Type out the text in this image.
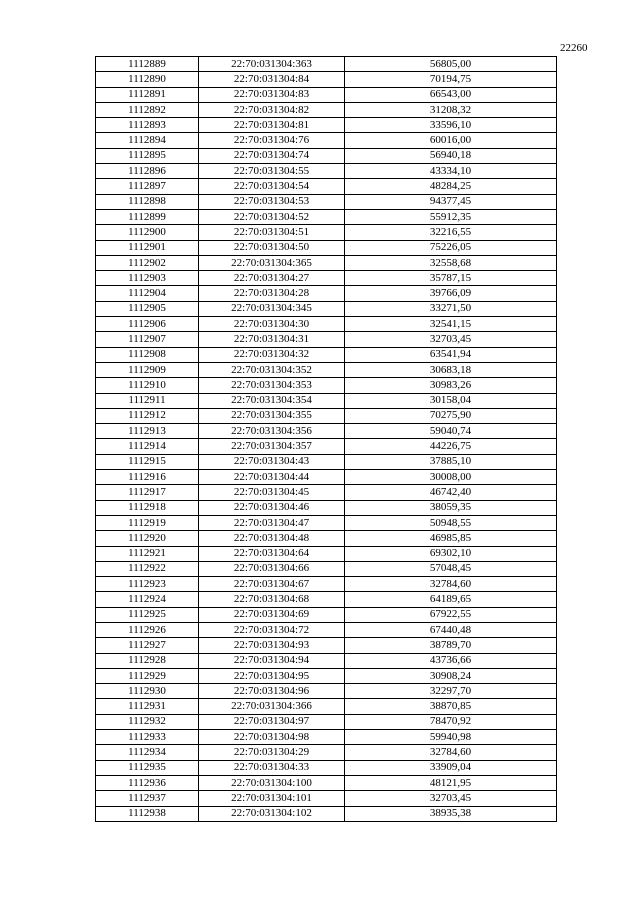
22260
1112889	22:70:031304:363	56805,00
1112890	22:70:031304:84	70194,75
1112891	22:70:031304:83	66543,00
1112892	22:70:031304:82	31208,32
1112893	22:70:031304:81	33596,10
1112894	22:70:031304:76	60016,00
1112895	22:70:031304:74	56940,18
1112896	22:70:031304:55	43334,10
1112897	22:70:031304:54	48284,25
1112898	22:70:031304:53	94377,45
1112899	22:70:031304:52	55912,35
1112900	22:70:031304:51	32216,55
1112901	22:70:031304:50	75226,05
1112902	22:70:031304:365	32558,68
1112903	22:70:031304:27	35787,15
1112904	22:70:031304:28	39766,09
1112905	22:70:031304:345	33271,50
1112906	22:70:031304:30	32541,15
1112907	22:70:031304:31	32703,45
1112908	22:70:031304:32	63541,94
1112909	22:70:031304:352	30683,18
1112910	22:70:031304:353	30983,26
1112911	22:70:031304:354	30158,04
1112912	22:70:031304:355	70275,90
1112913	22:70:031304:356	59040,74
1112914	22:70:031304:357	44226,75
1112915	22:70:031304:43	37885,10
1112916	22:70:031304:44	30008,00
1112917	22:70:031304:45	46742,40
1112918	22:70:031304:46	38059,35
1112919	22:70:031304:47	50948,55
1112920	22:70:031304:48	46985,85
1112921	22:70:031304:64	69302,10
1112922	22:70:031304:66	57048,45
1112923	22:70:031304:67	32784,60
1112924	22:70:031304:68	64189,65
1112925	22:70:031304:69	67922,55
1112926	22:70:031304:72	67440,48
1112927	22:70:031304:93	38789,70
1112928	22:70:031304:94	43736,66
1112929	22:70:031304:95	30908,24
1112930	22:70:031304:96	32297,70
1112931	22:70:031304:366	38870,85
1112932	22:70:031304:97	78470,92
1112933	22:70:031304:98	59940,98
1112934	22:70:031304:29	32784,60
1112935	22:70:031304:33	33909,04
1112936	22:70:031304:100	48121,95
1112937	22:70:031304:101	32703,45
1112938	22:70:031304:102	38935,38
